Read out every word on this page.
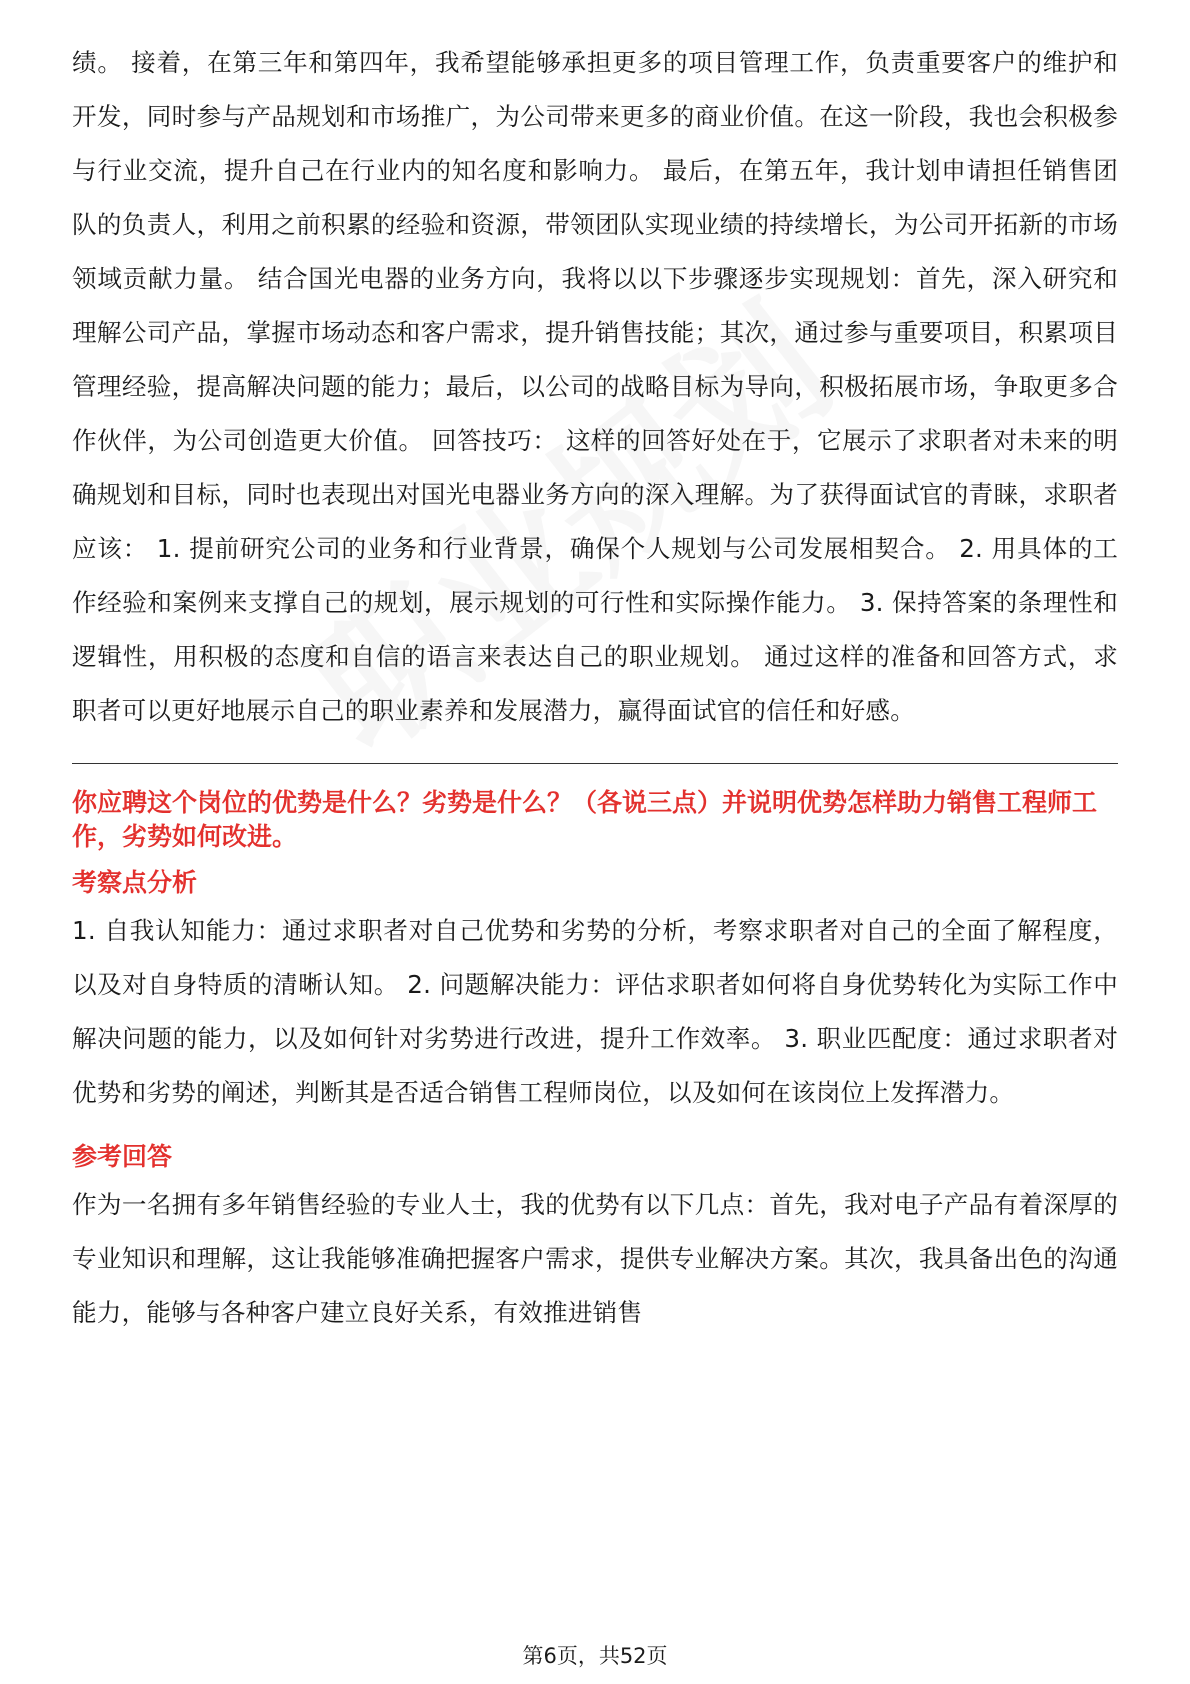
绩。 接着，在第三年和第四年，我希望能够承担更多的项目管理工作，负责重要客户的维护和开发，同时参与产品规划和市场推广，为公司带来更多的商业价值。在这一阶段，我也会积极参与行业交流，提升自己在行业内的知名度和影响力。 最后，在第五年，我计划申请担任销售团队的负责人，利用之前积累的经验和资源，带领团队实现业绩的持续增长，为公司开拓新的市场领域贡献力量。 结合国光电器的业务方向，我将以以下步骤逐步实现规划：首先，深入研究和理解公司产品，掌握市场动态和客户需求，提升销售技能；其次，通过参与重要项目，积累项目管理经验，提高解决问题的能力；最后，以公司的战略目标为导向，积极拓展市场，争取更多合作伙伴，为公司创造更大价值。 回答技巧： 这样的回答好处在于，它展示了求职者对未来的明确规划和目标，同时也表现出对国光电器业务方向的深入理解。为了获得面试官的青睐，求职者应该： 1. 提前研究公司的业务和行业背景，确保个人规划与公司发展相契合。 2. 用具体的工作经验和案例来支撑自己的规划，展示规划的可行性和实际操作能力。 3. 保持答案的条理性和逻辑性，用积极的态度和自信的语言来表达自己的职业规划。 通过这样的准备和回答方式，求职者可以更好地展示自己的职业素养和发展潜力，赢得面试官的信任和好感。

你应聘这个岗位的优势是什么？劣势是什么？（各说三点）并说明优势怎样助力销售工程师工作，劣势如何改进。

考察点分析

1. 自我认知能力：通过求职者对自己优势和劣势的分析，考察求职者对自己的全面了解程度，以及对自身特质的清晰认知。 2. 问题解决能力：评估求职者如何将自身优势转化为实际工作中解决问题的能力，以及如何针对劣势进行改进，提升工作效率。 3. 职业匹配度：通过求职者对优势和劣势的阐述，判断其是否适合销售工程师岗位，以及如何在该岗位上发挥潜力。

参考回答

作为一名拥有多年销售经验的专业人士，我的优势有以下几点：首先，我对电子产品有着深厚的专业知识和理解，这让我能够准确把握客户需求，提供专业解决方案。其次，我具备出色的沟通能力，能够与各种客户建立良好关系，有效推进销售

第6页，共52页
